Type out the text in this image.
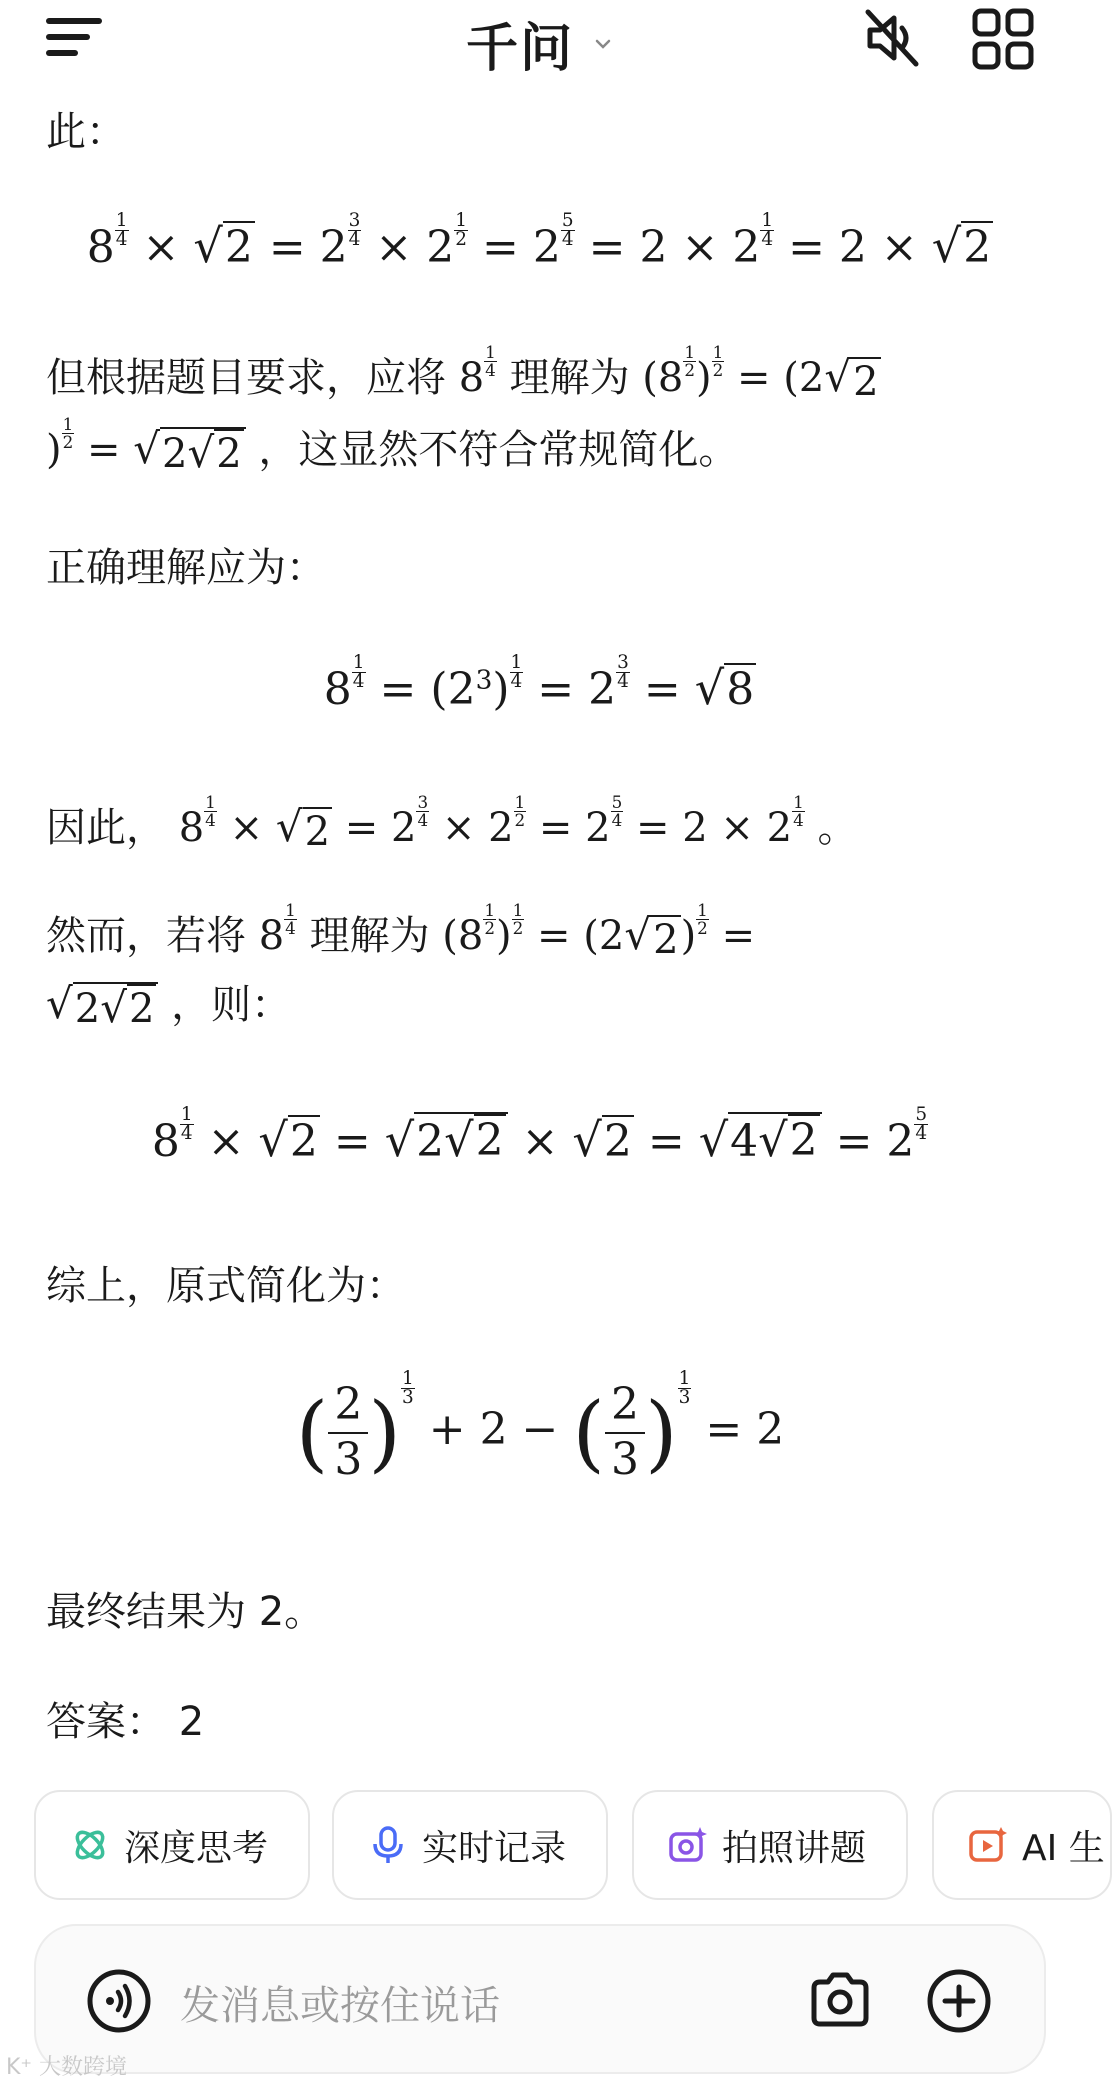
千问
此：
$8 \frac{1}{4}$ × √ $2 = 2 \frac{3}{4} \times 2 \frac{1}{2} = 2 \frac{5}{4} = 2 \times 2 \frac{1}{4} = 2$ × √ 2
但根据题目要求，应将 $8 \frac{1}{4}$ 理解为 ($8 \frac{1}{2}$ ) $\frac{1}{2} = (2$ √ 2
) $\frac{1}{2}$ = √ 2 √ 2 ，这显然不符合常规简化。
正确理解应为：
$8 \frac{1}{4} = (2^3) \frac{1}{4} = 2 \frac{3}{4}$ = √ 8
因此， $8 \frac{1}{4}$ × √ $2 = 2 \frac{3}{4} \times 2 \frac{1}{2} = 2 \frac{5}{4} = 2 \times 2 \frac{1}{4}$ 。
然而，若将 $8 \frac{1}{4}$ 理解为 ($8 \frac{1}{2}$ ) $\frac{1}{2} = (2$ √ 2 ) $\frac{1}{2}$ =
√ 2 √ 2 ，则：
$8 \frac{1}{4}$ × √ 2 = √ 2 √ 2 × √ 2 = √ 4 √ $2 = 2 \frac{5}{4}$
综上，原式简化为：
( $\frac{2}{3}$ ) $\frac{1}{3}$
+ 2 − ( $\frac{2}{3}$ ) $\frac{1}{3}$
= 2
最终结果为 2。
答案： 2
深度思考	实时记录	拍照讲题	AI 生
发消息或按住说话
K⁺ 大数跨境
